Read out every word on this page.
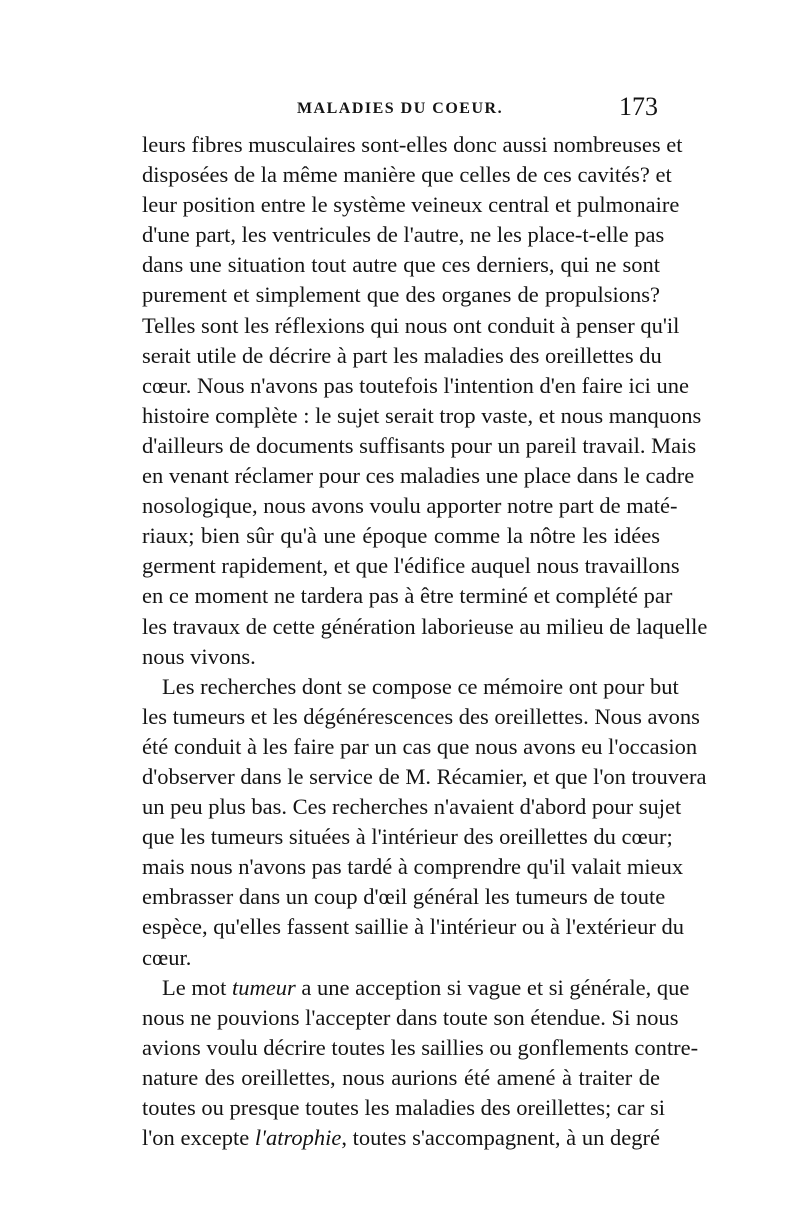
MALADIES DU COEUR.	173
leurs fibres musculaires sont-elles donc aussi nombreuses et
disposées de la même manière que celles de ces cavités? et
leur position entre le système veineux central et pulmonaire
d'une part, les ventricules de l'autre, ne les place-t-elle pas
dans une situation tout autre que ces derniers, qui ne sont
purement et simplement que des organes de propulsions?
Telles sont les réflexions qui nous ont conduit à penser qu'il
serait utile de décrire à part les maladies des oreillettes du
cœur. Nous n'avons pas toutefois l'intention d'en faire ici une
histoire complète : le sujet serait trop vaste, et nous manquons
d'ailleurs de documents suffisants pour un pareil travail. Mais
en venant réclamer pour ces maladies une place dans le cadre
nosologique, nous avons voulu apporter notre part de maté-
riaux; bien sûr qu'à une époque comme la nôtre les idées
germent rapidement, et que l'édifice auquel nous travaillons
en ce moment ne tardera pas à être terminé et complété par
les travaux de cette génération laborieuse au milieu de laquelle
nous vivons.
Les recherches dont se compose ce mémoire ont pour but
les tumeurs et les dégénérescences des oreillettes. Nous avons
été conduit à les faire par un cas que nous avons eu l'occasion
d'observer dans le service de M. Récamier, et que l'on trouvera
un peu plus bas. Ces recherches n'avaient d'abord pour sujet
que les tumeurs situées à l'intérieur des oreillettes du cœur;
mais nous n'avons pas tardé à comprendre qu'il valait mieux
embrasser dans un coup d'œil général les tumeurs de toute
espèce, qu'elles fassent saillie à l'intérieur ou à l'extérieur du
cœur.
Le mot tumeur a une acception si vague et si générale, que
nous ne pouvions l'accepter dans toute son étendue. Si nous
avions voulu décrire toutes les saillies ou gonflements contre-
nature des oreillettes, nous aurions été amené à traiter de
toutes ou presque toutes les maladies des oreillettes; car si
l'on excepte l'atrophie, toutes s'accompagnent, à un degré
